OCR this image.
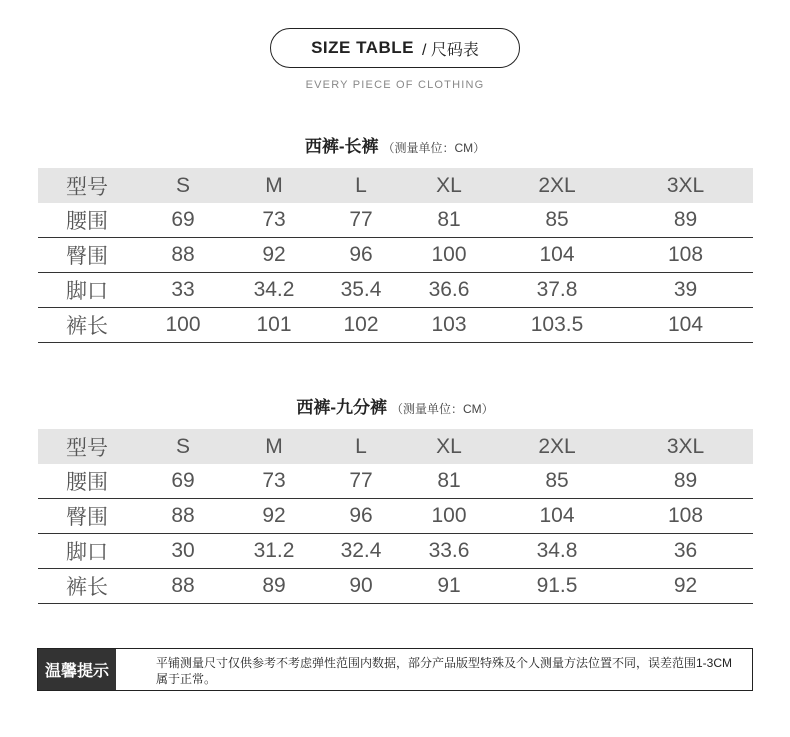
SIZE TABLE / 尺码表
EVERY PIECE OF CLOTHING
西裤-长裤 （测量单位：CM）
型号	S	M	L	XL	2XL	3XL
腰围	69	73	77	81	85	89
臀围	88	92	96	100	104	108
脚口	33	34.2	35.4	36.6	37.8	39
裤长	100	101	102	103	103.5	104
西裤-九分裤 （测量单位：CM）
型号	S	M	L	XL	2XL	3XL
腰围	69	73	77	81	85	89
臀围	88	92	96	100	104	108
脚口	30	31.2	32.4	33.6	34.8	36
裤长	88	89	90	91	91.5	92
温馨提示	平铺测量尺寸仅供参考不考虑弹性范围内数据，部分产品版型特殊及个人测量方法位置不同，误差范围1-3CM属于正常。
